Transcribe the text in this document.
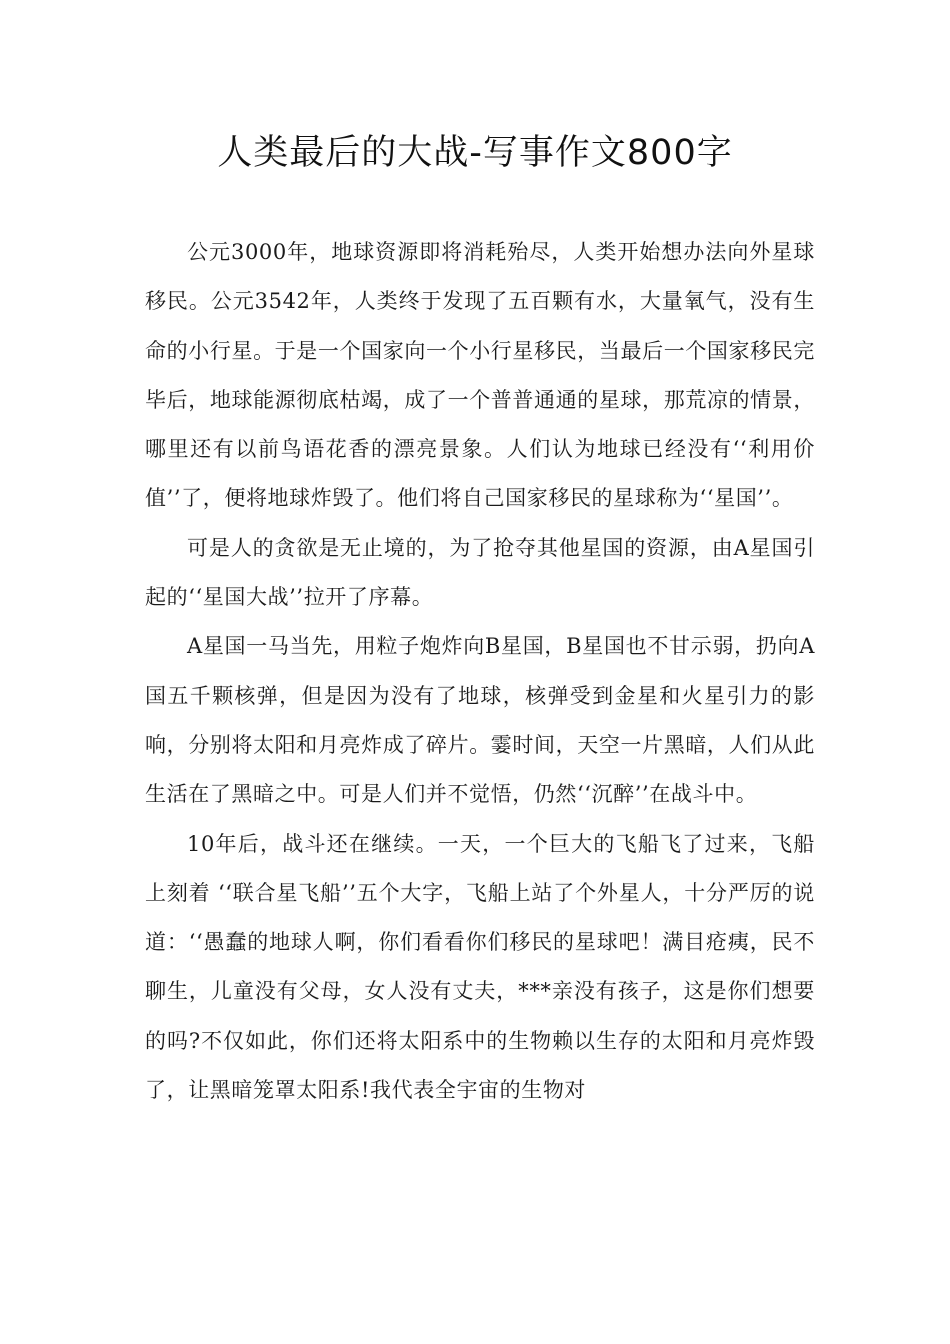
人类最后的大战-写事作文800字

公元3000年，地球资源即将消耗殆尽，人类开始想办法向外星球移民。公元3542年，人类终于发现了五百颗有水，大量氧气，没有生命的小行星。于是一个国家向一个小行星移民，当最后一个国家移民完毕后，地球能源彻底枯竭，成了一个普普通通的星球，那荒凉的情景，哪里还有以前鸟语花香的漂亮景象。人们认为地球已经没有‘‘利用价值’’了，便将地球炸毁了。他们将自己国家移民的星球称为‘‘星国’’。

可是人的贪欲是无止境的，为了抢夺其他星国的资源，由A星国引起的‘‘星国大战’’拉开了序幕。

A星国一马当先，用粒子炮炸向B星国，B星国也不甘示弱，扔向A国五千颗核弹，但是因为没有了地球，核弹受到金星和火星引力的影响，分别将太阳和月亮炸成了碎片。霎时间，天空一片黑暗，人们从此生活在了黑暗之中。可是人们并不觉悟，仍然‘‘沉醉’’在战斗中。

10年后，战斗还在继续。一天，一个巨大的飞船飞了过来，飞船上刻着 ‘‘联合星飞船’’五个大字，飞船上站了个外星人，十分严厉的说道：‘‘愚蠢的地球人啊，你们看看你们移民的星球吧！满目疮痍，民不聊生，儿童没有父母，女人没有丈夫，***亲没有孩子，这是你们想要的吗?不仅如此，你们还将太阳系中的生物赖以生存的太阳和月亮炸毁了，让黑暗笼罩太阳系!我代表全宇宙的生物对
